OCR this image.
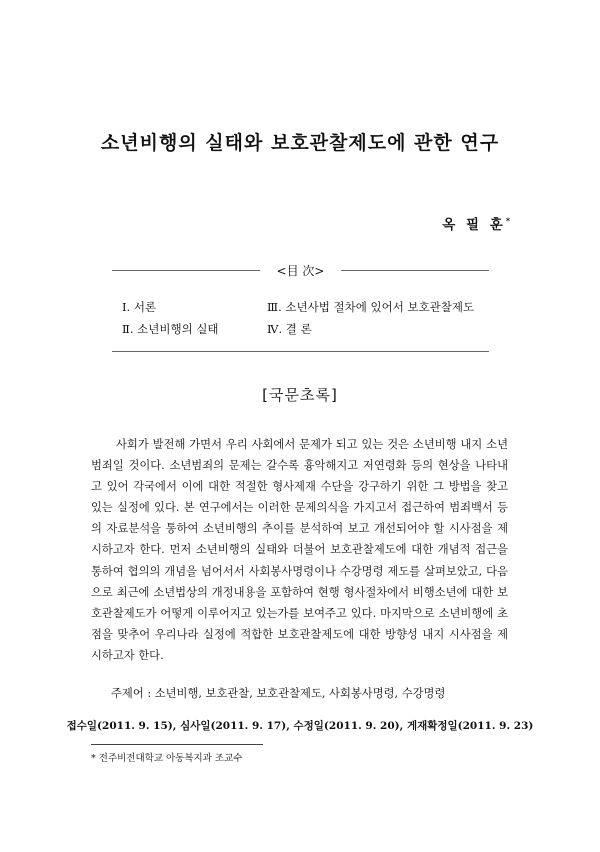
소년비행의 실태와 보호관찰제도에 관한 연구
옥 필 훈*
<目 次>
Ⅰ. 서론
Ⅱ. 소년비행의 실태
Ⅲ. 소년사법 절차에 있어서 보호관찰제도
Ⅳ. 결 론
[국문초록]
사회가 발전해 가면서 우리 사회에서 문제가 되고 있는 것은 소년비행 내지 소년범죄일 것이다. 소년범죄의 문제는 갈수록 흉악해지고 저연령화 등의 현상을 나타내고 있어 각국에서 이에 대한 적절한 형사제재 수단을 강구하기 위한 그 방법을 찾고 있는 실정에 있다. 본 연구에서는 이러한 문제의식을 가지고서 접근하여 범죄백서 등의 자료분석을 통하여 소년비행의 추이를 분석하여 보고 개선되어야 할 시사점을 제시하고자 한다. 먼저 소년비행의 실태와 더불어 보호관찰제도에 대한 개념적 접근을 통하여 협의의 개념을 넘어서서 사회봉사명령이나 수강명령 제도를 살펴보았고, 다음으로 최근에 소년법상의 개정내용을 포함하여 현행 형사절차에서 비행소년에 대한 보호관찰제도가 어떻게 이루어지고 있는가를 보여주고 있다. 마지막으로 소년비행에 초점을 맞추어 우리나라 실정에 적합한 보호관찰제도에 대한 방향성 내지 시사점을 제시하고자 한다.
주제어 : 소년비행, 보호관찰, 보호관찰제도, 사회봉사명령, 수강명령
접수일(2011. 9. 15), 심사일(2011. 9. 17), 수정일(2011. 9. 20), 게재확정일(2011. 9. 23)
* 전주비전대학교 아동복지과 조교수
